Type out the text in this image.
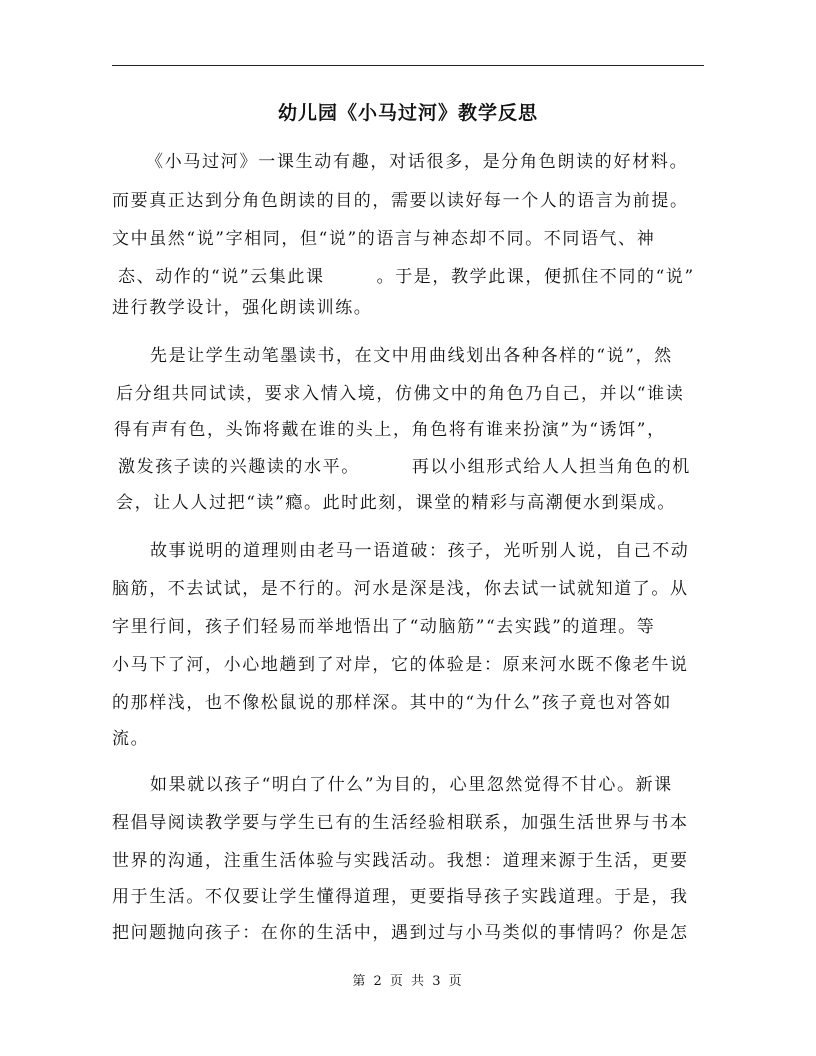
幼儿园《小马过河》教学反思
《小马过河》一课生动有趣，对话很多，是分角色朗读的好材料。
而要真正达到分角色朗读的目的，需要以读好每一个人的语言为前提。
文中虽然“说”字相同，但“说”的语言与神态却不同。不同语气、神
态、动作的“说”云集此课	。于是，教学此课，便抓住不同的“说”
进行教学设计，强化朗读训练。
先是让学生动笔墨读书，在文中用曲线划出各种各样的“说”，然
后分组共同试读，要求入情入境，仿佛文中的角色乃自己，并以“谁读
得有声有色，头饰将戴在谁的头上，角色将有谁来扮演”为“诱饵”，
激发孩子读的兴趣读的水平。	再以小组形式给人人担当角色的机
会，让人人过把“读”瘾。此时此刻，课堂的精彩与高潮便水到渠成。
故事说明的道理则由老马一语道破：孩子，光听别人说，自己不动
脑筋，不去试试，是不行的。河水是深是浅，你去试一试就知道了。从
字里行间，孩子们轻易而举地悟出了“动脑筋”“去实践”的道理。等
小马下了河，小心地趟到了对岸，它的体验是：原来河水既不像老牛说
的那样浅，也不像松鼠说的那样深。其中的“为什么”孩子竟也对答如
流。
如果就以孩子“明白了什么”为目的，心里忽然觉得不甘心。新课
程倡导阅读教学要与学生已有的生活经验相联系，加强生活世界与书本
世界的沟通，注重生活体验与实践活动。我想：道理来源于生活，更要
用于生活。不仅要让学生懂得道理，更要指导孩子实践道理。于是，我
把问题抛向孩子：在你的生活中，遇到过与小马类似的事情吗？你是怎
第 2 页 共 3 页
